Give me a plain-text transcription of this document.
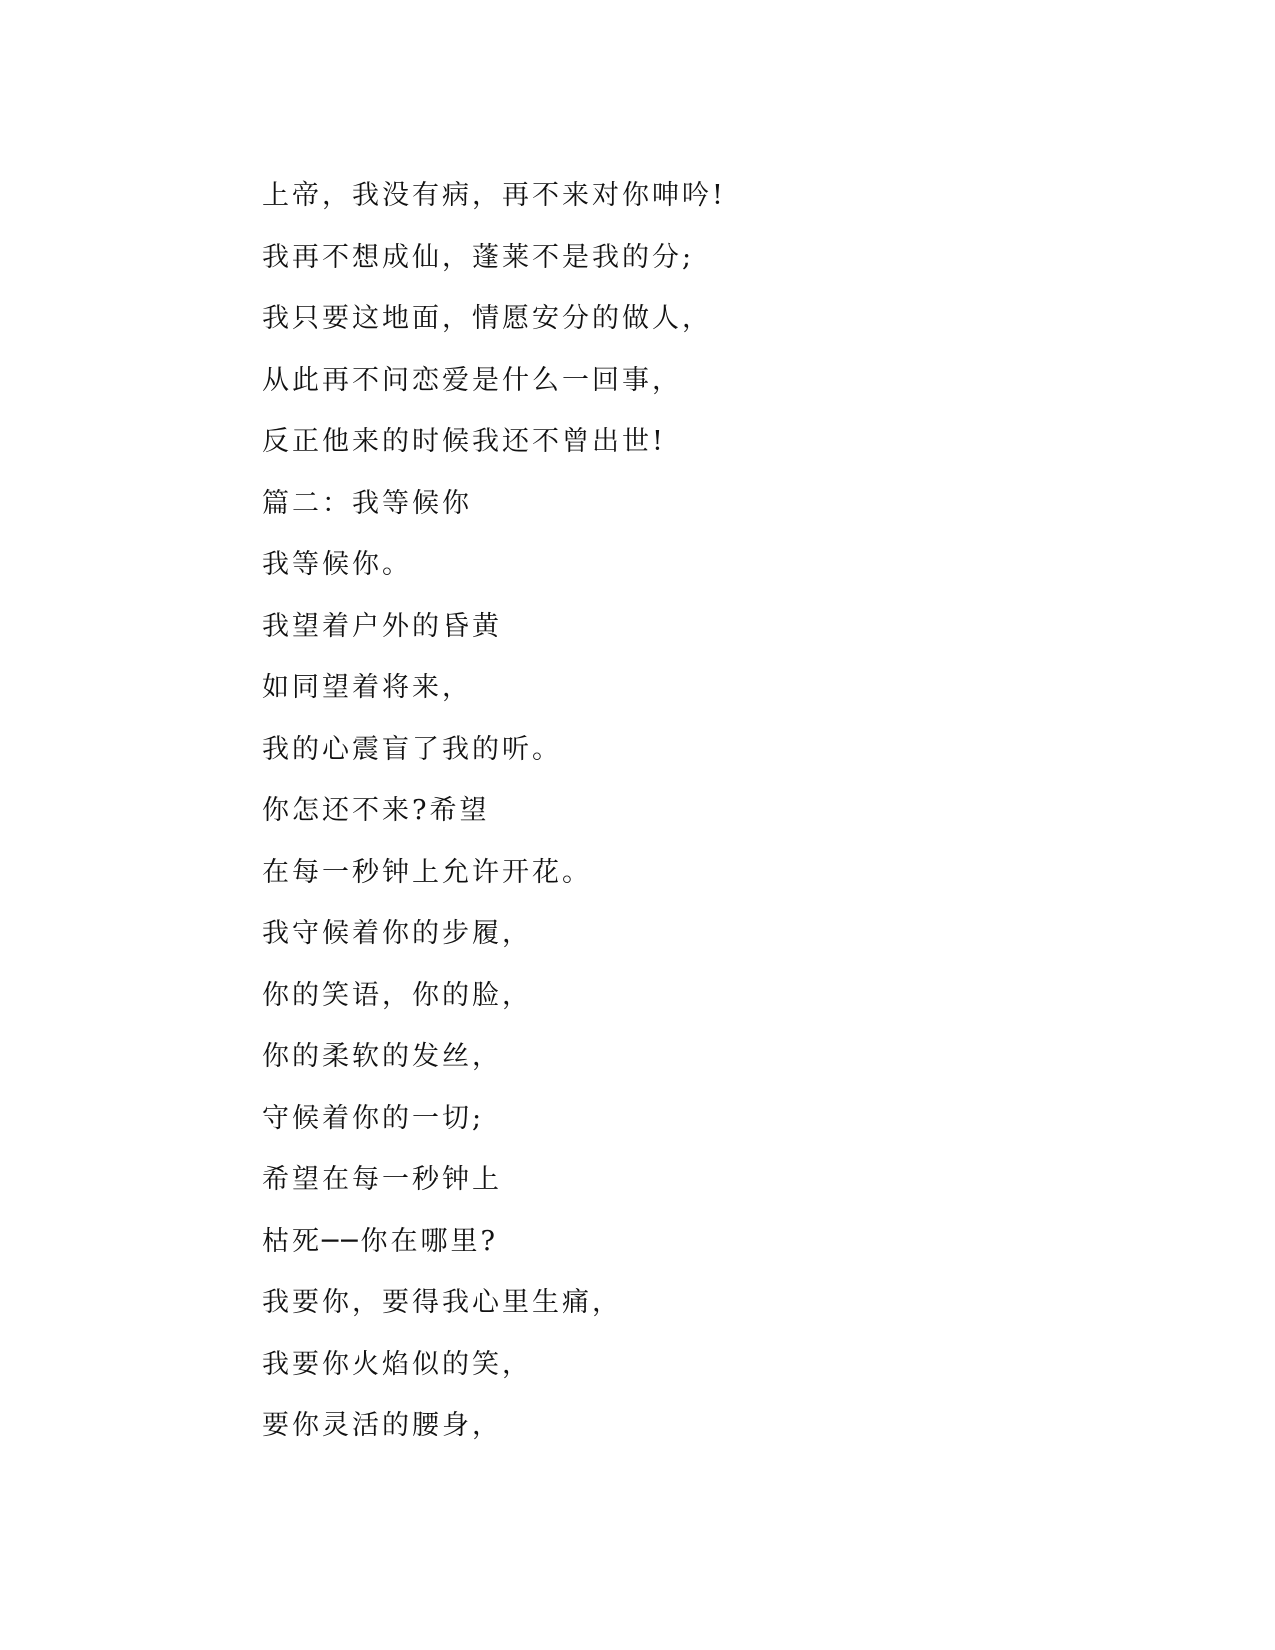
上帝，我没有病，再不来对你呻吟!
我再不想成仙，蓬莱不是我的分;
我只要这地面，情愿安分的做人，
从此再不问恋爱是什么一回事，
反正他来的时候我还不曾出世!
篇二：我等候你
我等候你。
我望着户外的昏黄
如同望着将来，
我的心震盲了我的听。
你怎还不来?希望
在每一秒钟上允许开花。
我守候着你的步履，
你的笑语，你的脸，
你的柔软的发丝，
守候着你的一切;
希望在每一秒钟上
枯死──你在哪里?
我要你，要得我心里生痛，
我要你火焰似的笑，
要你灵活的腰身，
